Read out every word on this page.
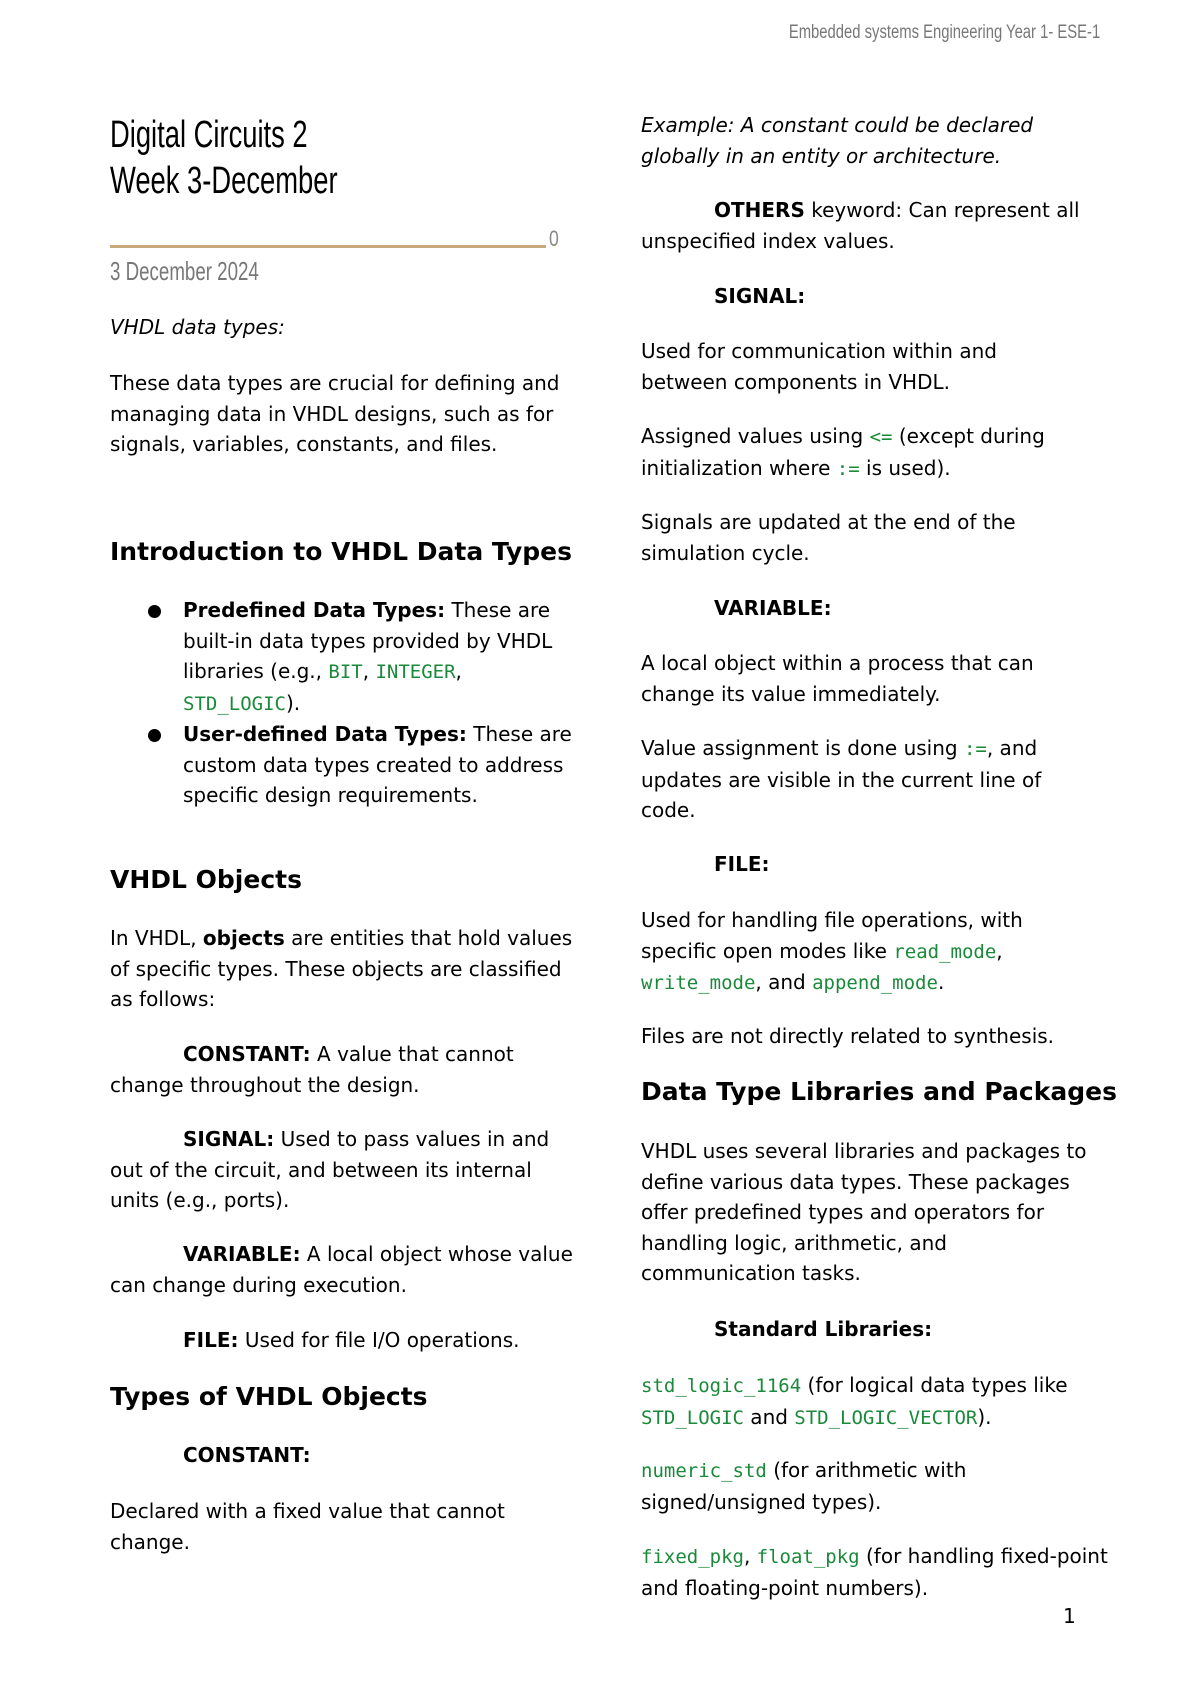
Embedded systems Engineering Year 1- ESE-1
Digital Circuits 2
Week 3-December
0
3 December 2024

VHDL data types:

These data types are crucial for defining and managing data in VHDL designs, such as for signals, variables, constants, and files.

Introduction to VHDL Data Types

Predefined Data Types: These are built-in data types provided by VHDL libraries (e.g., BIT, INTEGER, STD_LOGIC).

User-defined Data Types: These are custom data types created to address specific design requirements.

VHDL Objects

In VHDL, objects are entities that hold values of specific types. These objects are classified as follows:

CONSTANT: A value that cannot change throughout the design.

SIGNAL: Used to pass values in and out of the circuit, and between its internal units (e.g., ports).

VARIABLE: A local object whose value can change during execution.

FILE: Used for file I/O operations.

Types of VHDL Objects

CONSTANT:

Declared with a fixed value that cannot change.

Example: A constant could be declared globally in an entity or architecture.

OTHERS keyword: Can represent all unspecified index values.

SIGNAL:

Used for communication within and between components in VHDL.

Assigned values using <= (except during initialization where := is used).

Signals are updated at the end of the simulation cycle.

VARIABLE:

A local object within a process that can change its value immediately.

Value assignment is done using :=, and updates are visible in the current line of code.

FILE:

Used for handling file operations, with specific open modes like read_mode, write_mode, and append_mode.

Files are not directly related to synthesis.

Data Type Libraries and Packages

VHDL uses several libraries and packages to define various data types. These packages offer predefined types and operators for handling logic, arithmetic, and communication tasks.

Standard Libraries:

std_logic_1164 (for logical data types like STD_LOGIC and STD_LOGIC_VECTOR).

numeric_std (for arithmetic with signed/unsigned types).

fixed_pkg, float_pkg (for handling fixed-point and floating-point numbers).

1
